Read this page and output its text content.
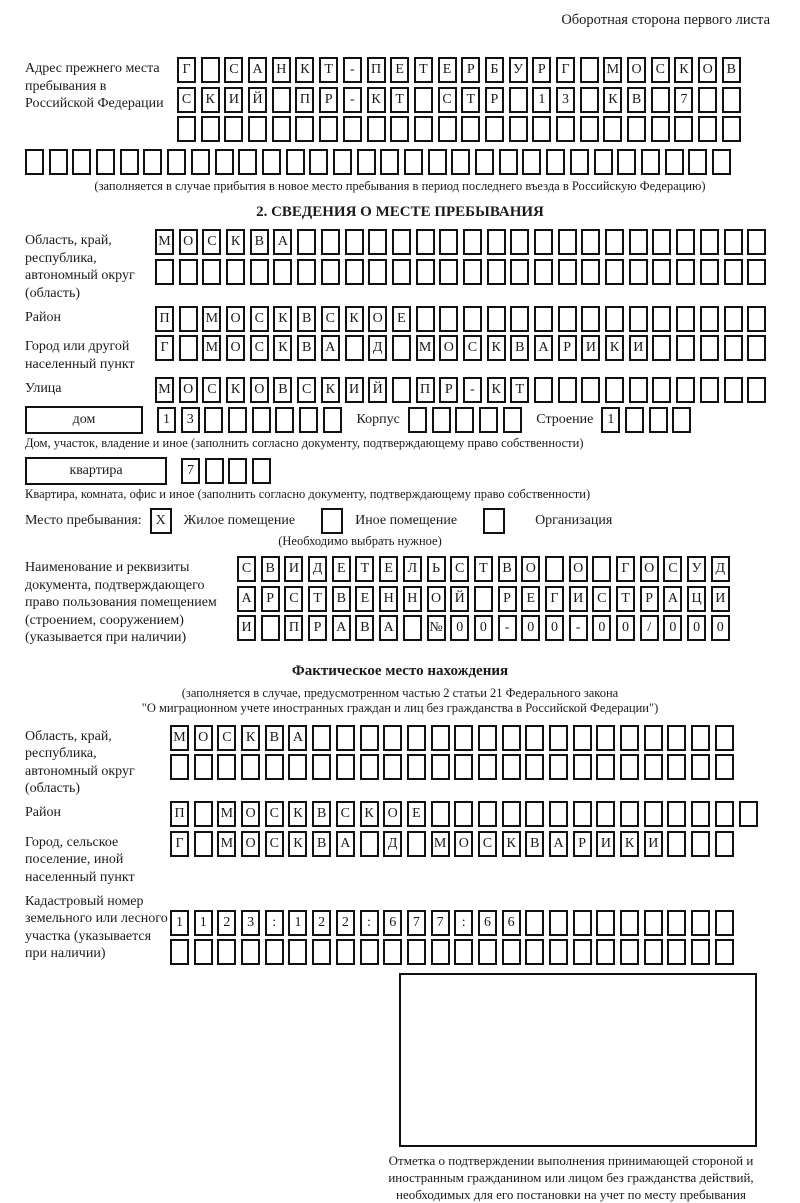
Оборотная сторона первого листа
Адрес прежнего места пребывания в Российской Федерации
Г	С А Н К	Т	-	П	Е	Т	Е	Р	Б	У	Р	Г	М О С	К О В
С	К И Й	П	Р	-	К	Т	С	Т	Р	1	3	К	В	7
(заполняется в случае прибытия в новое место пребывания в период последнего въезда в Российскую Федерацию)
2. СВЕДЕНИЯ О МЕСТЕ ПРЕБЫВАНИЯ
Область, край, республика, автономный округ (область)
М О С	К	В А
Район	П	М О С	К	В	С	К О	Е
Город или другой населенный пункт
Г	М О С	К	В А	Д	М О С	К	В А	Р	И К И
Улица	М О С	К О В	С	К И Й	П	Р	-	К	Т
дом	1	3	Корпус	Строение	1
Дом, участок, владение и иное (заполнить согласно документу, подтверждающему право собственности)
квартира	7
Квартира, комната, офис и иное (заполнить согласно документу, подтверждающему право собственности)
Место пребывания: X	Жилое помещение	Иное помещение	Организация
(Необходимо выбрать нужное)
Наименование и реквизиты документа, подтверждающего право пользования помещением (строением, сооружением) (указывается при наличии)
С	В И Д	Е	Т	Е	Л	Ь	С	Т	В О	О	Г	О С	У Д
А	Р	С	Т	В	Е	Н Н О Й	Р	Е	Г	И С	Т	Р	А Ц И
И	П	Р	А В А	№ 0	0	-	0	0	-	0	0	/	0	0	0
Фактическое место нахождения
(заполняется в случае, предусмотренном частью 2 статьи 21 Федерального закона
"О миграционном учете иностранных граждан и лиц без гражданства в Российской Федерации")
Область, край, республика, автономный округ (область)
М О С	К	В А
Район	П	М О С	К	В	С	К О	Е
Город, сельское поселение, иной населенный пункт
Г	М О С	К	В А	Д	М О С	К	В А	Р	И К И
Кадастровый номер земельного или лесного участка (указывается при наличии)
1	1	2	3	:	1	2	2	:	6	7	7	:	6	6
Отметка о подтверждении выполнения принимающей стороной и иностранным гражданином или лицом без гражданства действий, необходимых для его постановки на учет по месту пребывания
